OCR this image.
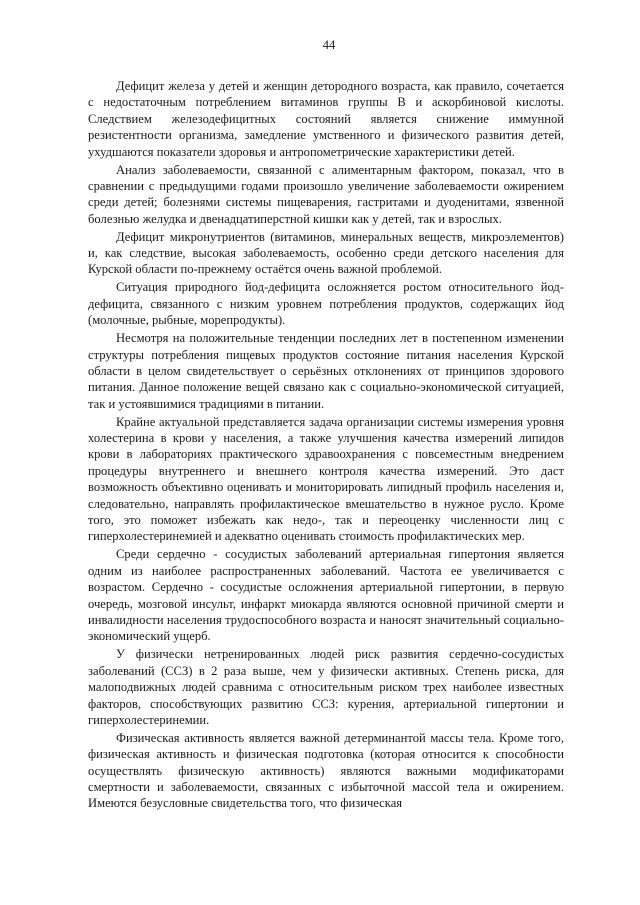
44

Дефицит железа у детей и женщин детородного возраста, как правило, сочетается с недостаточным потреблением витаминов группы В и аскорбиновой кислоты. Следствием железодефицитных состояний является снижение иммунной резистентности организма, замедление умственного и физического развития детей, ухудшаются показатели здоровья и антропометрические характеристики детей.

Анализ заболеваемости, связанной с алиментарным фактором, показал, что в сравнении с предыдущими годами произошло увеличение заболеваемости ожирением среди детей; болезнями системы пищеварения, гастритами и дуоденитами, язвенной болезнью желудка и двенадцатиперстной кишки как у детей, так и взрослых.

Дефицит микронутриентов (витаминов, минеральных веществ, микроэлементов) и, как следствие, высокая заболеваемость, особенно среди детского населения для Курской области по-прежнему остаётся очень важной проблемой.

Ситуация природного йод-дефицита осложняется ростом относительного йод-дефицита, связанного с низким уровнем потребления продуктов, содержащих йод (молочные, рыбные, морепродукты).

Несмотря на положительные тенденции последних лет в постепенном изменении структуры потребления пищевых продуктов состояние питания населения Курской области в целом свидетельствует о серьёзных отклонениях от принципов здорового питания. Данное положение вещей связано как с социально-экономической ситуацией, так и устоявшимися традициями в питании.

Крайне актуальной представляется задача организации системы измерения уровня холестерина в крови у населения, а также улучшения качества измерений липидов крови в лабораториях практического здравоохранения с повсеместным внедрением процедуры внутреннего и внешнего контроля качества измерений. Это даст возможность объективно оценивать и мониторировать липидный профиль населения и, следовательно, направлять профилактическое вмешательство в нужное русло. Кроме того, это поможет избежать как недо-, так и переоценку численности лиц с гиперхолестеринемией и адекватно оценивать стоимость профилактических мер.

Среди сердечно - сосудистых заболеваний артериальная гипертония является одним из наиболее распространенных заболеваний. Частота ее увеличивается с возрастом. Сердечно - сосудистые осложнения артериальной гипертонии, в первую очередь, мозговой инсульт, инфаркт миокарда являются основной причиной смерти и инвалидности населения трудоспособного возраста и наносят значительный социально-экономический ущерб.

У физически нетренированных людей риск развития сердечно-сосудистых заболеваний (ССЗ) в 2 раза выше, чем у физически активных. Степень риска, для малоподвижных людей сравнима с относительным риском трех наиболее известных факторов, способствующих развитию ССЗ: курения, артериальной гипертонии и гиперхолестеринемии.

Физическая активность является важной детерминантой массы тела. Кроме того, физическая активность и физическая подготовка (которая относится к способности осуществлять физическую активность) являются важными модификаторами смертности и заболеваемости, связанных с избыточной массой тела и ожирением. Имеются безусловные свидетельства того, что физическая
